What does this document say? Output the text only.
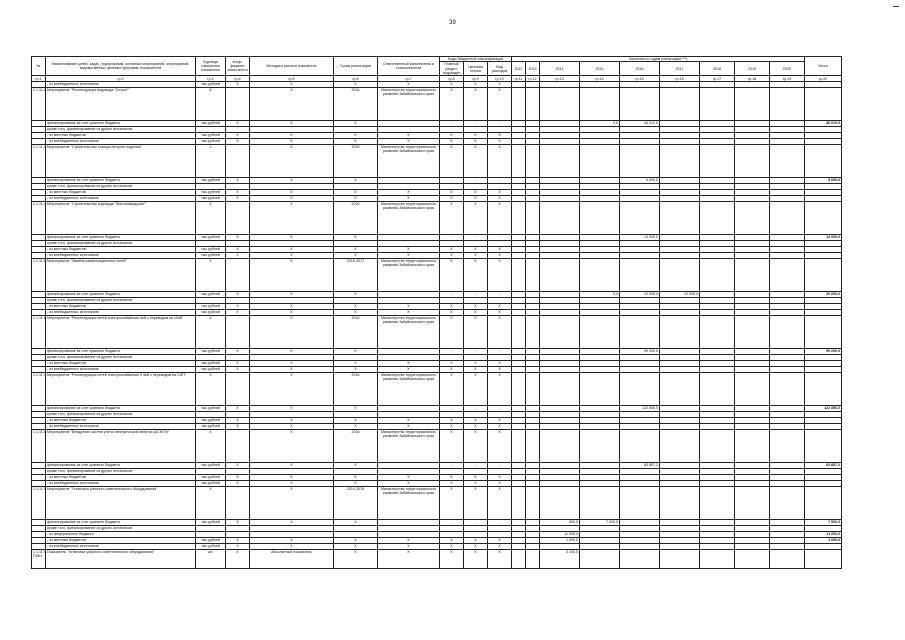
39
№	Наименование целей, задач, подпрограмм, основных мероприятий, мероприятий, ведомственных целевых программ, показателей	Единица измерения показателя	Коэф-фициент значи-мости	Методика расчета показателя	Сроки реализации	Ответственный исполнитель и соисполнители	Коды бюджетной классификации			Значения по годам реализации ***)									Итого
							Главный раздел, подраздел	Целевая статья	Вид расходов	2012	2013	2014	2015	2016	2017	2018	2019	2020	
гр.1	гр.2	гр.3	гр.4	гр.5	гр.6	гр.7	гр.8	гр.9	гр.10	гр.11	гр.12	гр.13	гр.14	гр.15	гр.16	гр.17	гр.18	гр.19	гр.20
	- из внебюджетных источников	тыс.рублей	Х	Х	Х	Х	Х	Х	Х										
1.1.11.2.	Мероприятие "Реконструкция водовода "Острог""	Х		Х	2016	Министерство территориального развития Забайкальского края	Х	Х	Х										
	финансирование за счет краевого бюджета	тыс.рублей	Х	Х	Х		-	-	-				0,0	46 010,0					46 010,0
	кроме того, финансирование из других источников:																		
	- из местных бюджетов	тыс.рублей	Х	Х	Х	Х	Х	Х	Х										
	- из внебюджетных источников	тыс.рублей	Х	Х	Х	Х	Х	Х	Х										
1.1.11.3.	Мероприятие "Строительство станции второго подъема"	Х		Х	2016	Министерство территориального развития Забайкальского края	Х	Х	Х										
	финансирование за счет краевого бюджета	тыс.рублей	Х	Х	Х		-	-	-					5 000,0					5 000,0
	кроме того, финансирование из других источников:																		
	- из местных бюджетов	тыс.рублей	Х	Х	Х	Х	Х	Х	Х										
	- из внебюджетных источников	тыс.рублей	Х	Х	Х	Х	Х	Х	Х										
1.1.11.4.	Мероприятие "Строительство водовода "Маслозаводская""	Х		Х	2016	Министерство территориального развития Забайкальского края	Х	Х	Х										
	финансирование за счет краевого бюджета	тыс.рублей	Х	Х	Х		-	-	-					14 000,0					14 000,0
	кроме того, финансирование из других источников:																		
	- из местных бюджетов	тыс.рублей	Х	Х	Х	Х	Х	Х	Х										
	- из внебюджетных источников	тыс.рублей	Х	Х	Х	Х	Х	Х	Х										
1.1.11.5.	Мероприятие "Замена канализационных сетей"	Х		Х	2016-2017	Министерство территориального развития Забайкальского края	Х	Х	Х										
	финансирование за счет краевого бюджета	тыс.рублей	Х	Х	Х		-	-	-				0,0	10 000,0	10 000,0				20 000,0
	кроме того, финансирование из других источников:																		
	- из местных бюджетов	тыс.рублей	Х	Х	Х	Х	Х	Х	Х										
	- из внебюджетных источников	тыс.рублей	Х	Х	Х	Х	Х	Х	Х										
1.1.11.6.	Мероприятие "Реконструкция сетей электроснабжения 6кВ с переводом на 10кВ"	Х		Х	2016	Министерство территориального развития Забайкальского края	Х	Х	Х										
	финансирование за счет краевого бюджета	тыс.рублей	Х	Х	Х		-	-	-					99 200,0					99 200,0
	кроме того, финансирование из других источников:																		
	- из местных бюджетов	тыс.рублей	Х	Х	Х	Х	Х	Х	Х										
	- из внебюджетных источников	тыс.рублей	Х	Х	Х	Х	Х	Х	Х										
1.1.11.7.	Мероприятие "Реконструкция сетей электроснабжения 0,4кВ с переводом на СИП"	Х		Х	2016	Министерство территориального развития Забайкальского края	Х	Х	Х										
	финансирование за счет краевого бюджета	тыс.рублей	Х	Х	Х		-	-	-					122 850,0					122 850,0
	кроме того, финансирование из других источников:																		
	- из местных бюджетов	тыс.рублей	Х	Х	Х	Х	Х	Х	Х										
	- из внебюджетных источников	тыс.рублей	Х	Х	Х	Х	Х	Х	Х										
1.1.11.8.	Мероприятие "Внедрение систем учета электрической энергии (АСКУЭ)"	Х		Х	2016	Министерство территориального развития Забайкальского края	Х	Х	Х										
	финансирование за счет краевого бюджета	тыс.рублей	Х	Х	Х		-	-	-					63 857,2					63 857,2
	кроме того, финансирование из других источников:																		
	- из местных бюджетов	тыс.рублей	Х	Х	Х	Х	Х	Х	Х										
	- из внебюджетных источников	тыс.рублей	Х	Х	Х	Х	Х	Х	Х										
1.1.11.9.	Мероприятие "Установка уличного осветительного оборудования"	Х		Х	2014-2015	Министерство территориального развития Забайкальского края	Х	Х	Х										
	финансирование за счет краевого бюджета	тыс.рублей	Х	Х	Х		-	-	-			500,0	7 000,0						7 500,0
	кроме того, финансирование из других источников:																		
	- из федерального бюджета											11 000,0							11 000,0
	- из местных бюджетов	тыс.рублей	Х	Х	Х	Х	Х	Х	Х			1 000,0							1 000,0
	- из внебюджетных источников	тыс.рублей	Х	Х	Х	Х	Х	Х	Х										
1.1.11.9-ПОК1	Показатель "Установка уличного осветительного оборудования"	шт.	Х	Абсолютный показатель	Х	Х	Х	Х	Х			3 100,0							
